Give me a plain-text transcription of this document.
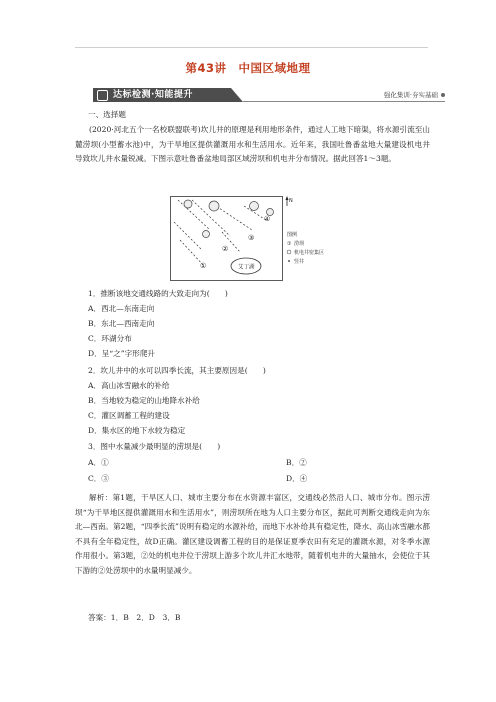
第43讲　中国区域地理
达标检测·知能提升	强化集训·夯实基础
一、选择题
(2020·河北五个一名校联盟联考)坎儿井的原理是利用地形条件，通过人工地下暗渠，将水源引流至山麓涝坝(小型蓄水池)中，为干旱地区提供灌溉用水和生活用水。近年来，我国吐鲁番盆地大量建设机电井导致坎儿井水量锐减。下图示意吐鲁番盆地局部区域涝坝和机电井分布情况。据此回答1～3题。
④
②
③
①	艾丁湖
N
图例
① 涝坝
机电井密集区
竖井
1．推断该地交通线路的大致走向为(　　)
A．西北—东南走向
B．东北—西南走向
C．环湖分布
D．呈“之”字形爬升
2．坎儿井中的水可以四季长流，其主要原因是(　　)
A．高山冰雪融水的补给
B．当地较为稳定的山地降水补给
C．灌区调蓄工程的建设
D．集水区的地下水较为稳定
3．图中水量减少最明显的涝坝是(　　)
A．①	B．②
C．③	D．④
解析：第1题，干旱区人口、城市主要分布在水资源丰富区，交通线必然沿人口、城市分布。图示涝坝“为干旱地区提供灌溉用水和生活用水”，则涝坝所在地为人口主要分布区，据此可判断交通线走向为东北—西南。第2题，“四季长流”说明有稳定的水源补给，而地下水补给具有稳定性，降水、高山冰雪融水都不具有全年稳定性，故D正确。灌区建设调蓄工程的目的是保证夏季农田有充足的灌溉水源，对冬季水源作用很小。第3题，②处的机电井位于涝坝上游多个坎儿井汇水地带，随着机电井的大量抽水，会使位于其下游的②处涝坝中的水量明显减少。
答案：1．B　2．D　3．B
